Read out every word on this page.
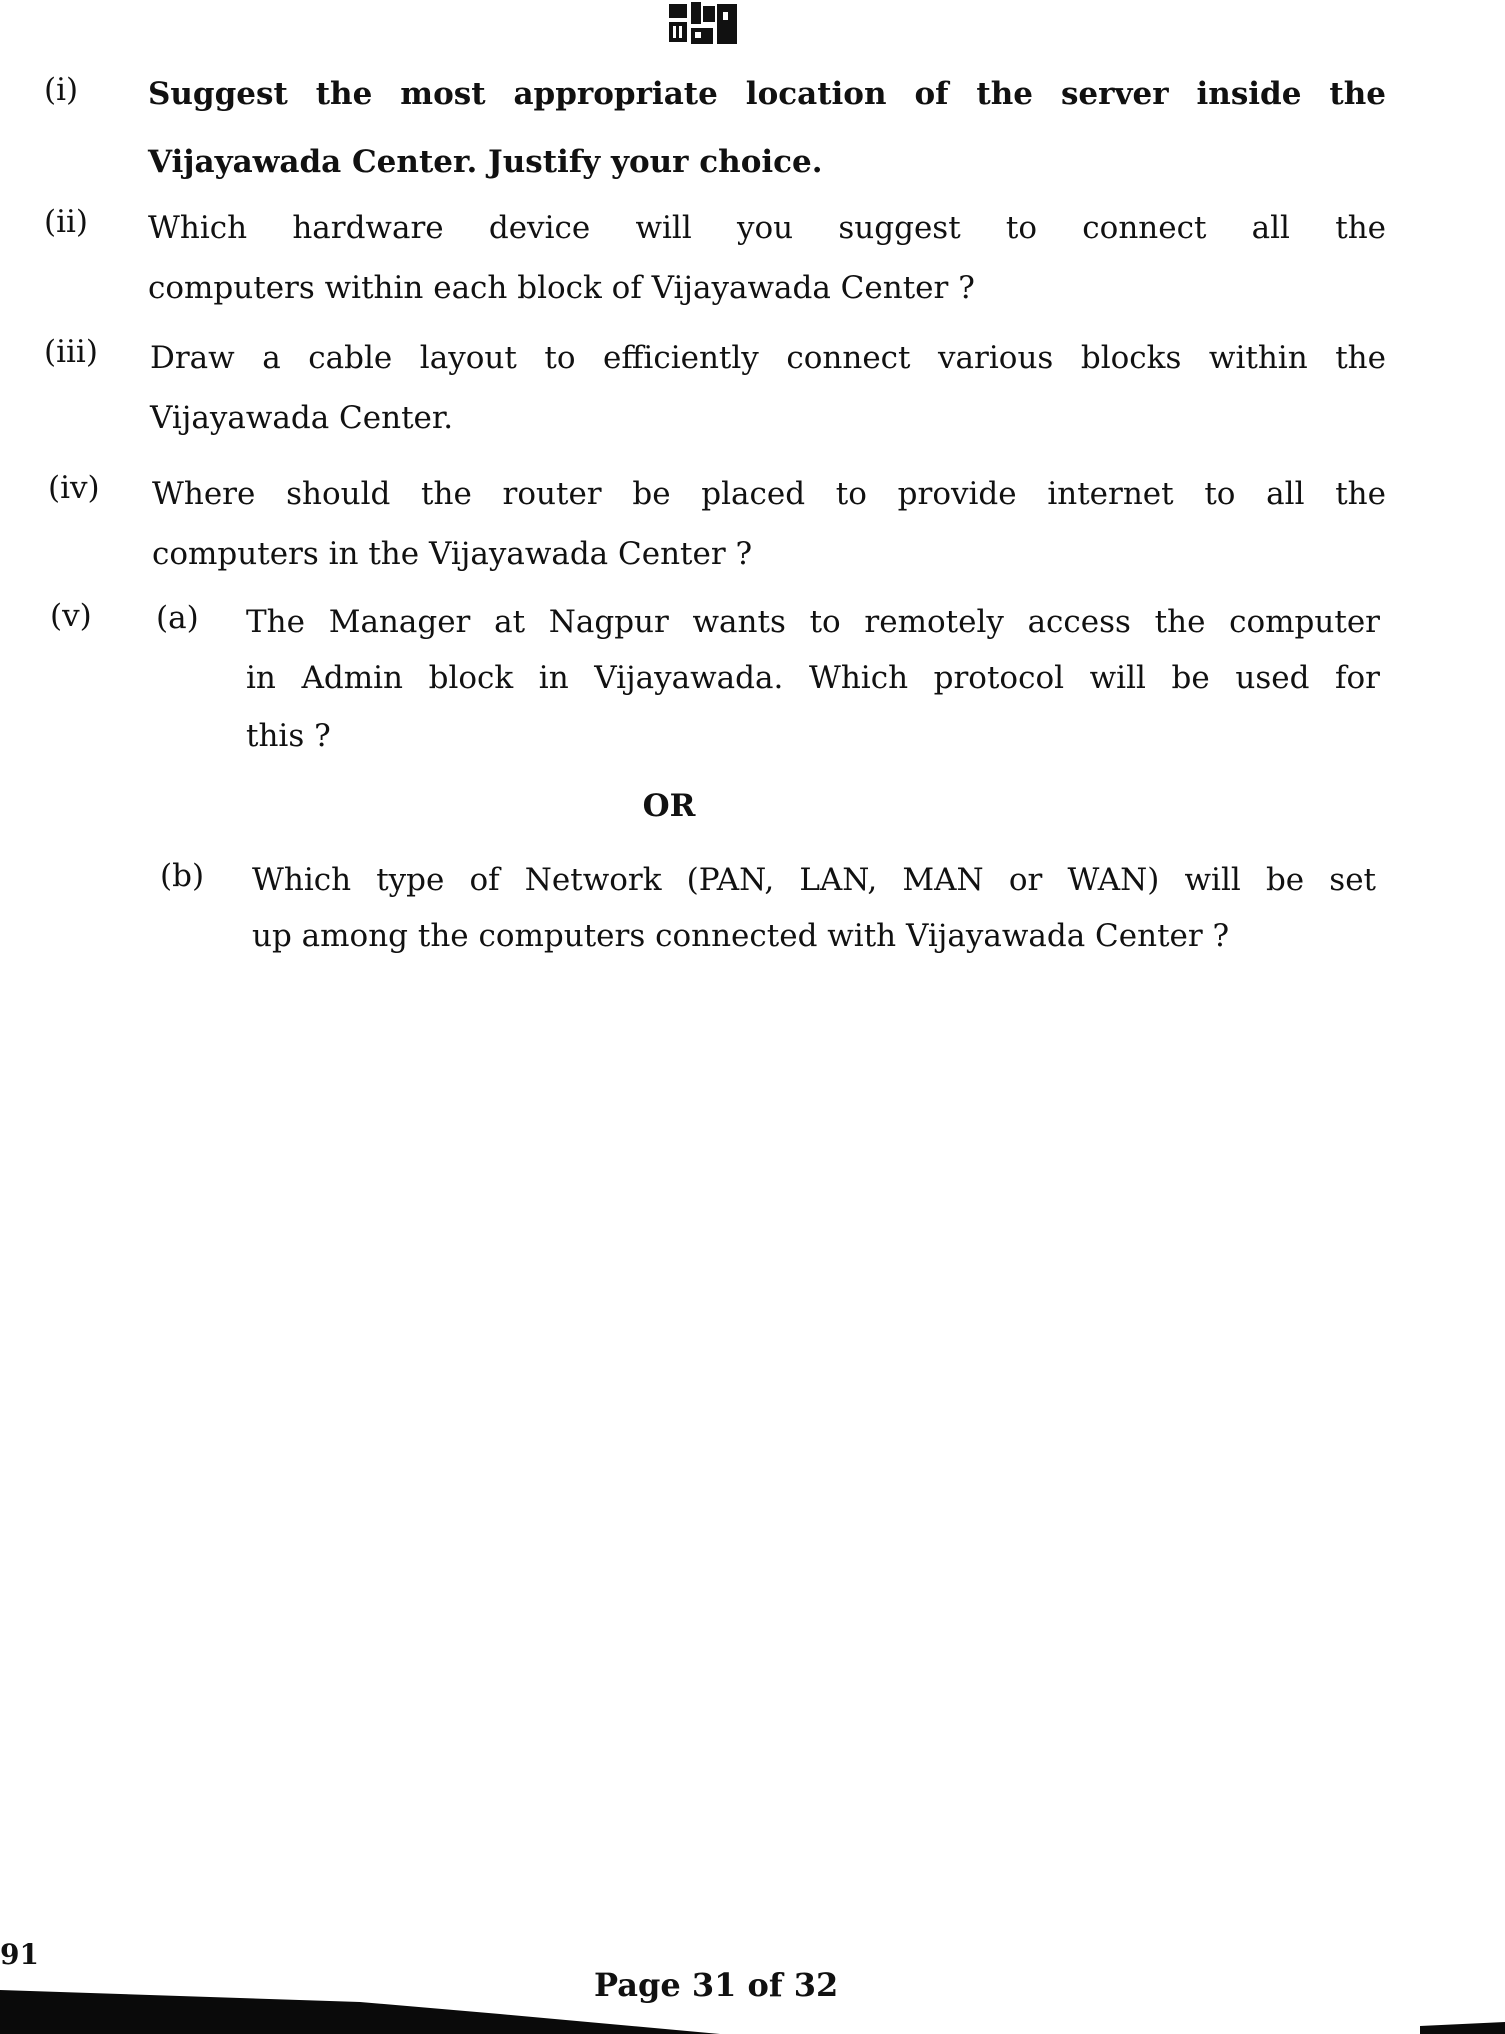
(i) Suggest the most appropriate location of the server inside the
Vijayawada Center. Justify your choice.
(ii) Which hardware device will you suggest to connect all the
computers within each block of Vijayawada Center ?
(iii) Draw a cable layout to efficiently connect various blocks within the
Vijayawada Center.
(iv) Where should the router be placed to provide internet to all the
computers in the Vijayawada Center ?
(v) (a) The Manager at Nagpur wants to remotely access the computer
in Admin block in Vijayawada. Which protocol will be used for
this ?
OR
(b) Which type of Network (PAN, LAN, MAN or WAN) will be set
up among the computers connected with Vijayawada Center ?
91
Page 31 of 32
